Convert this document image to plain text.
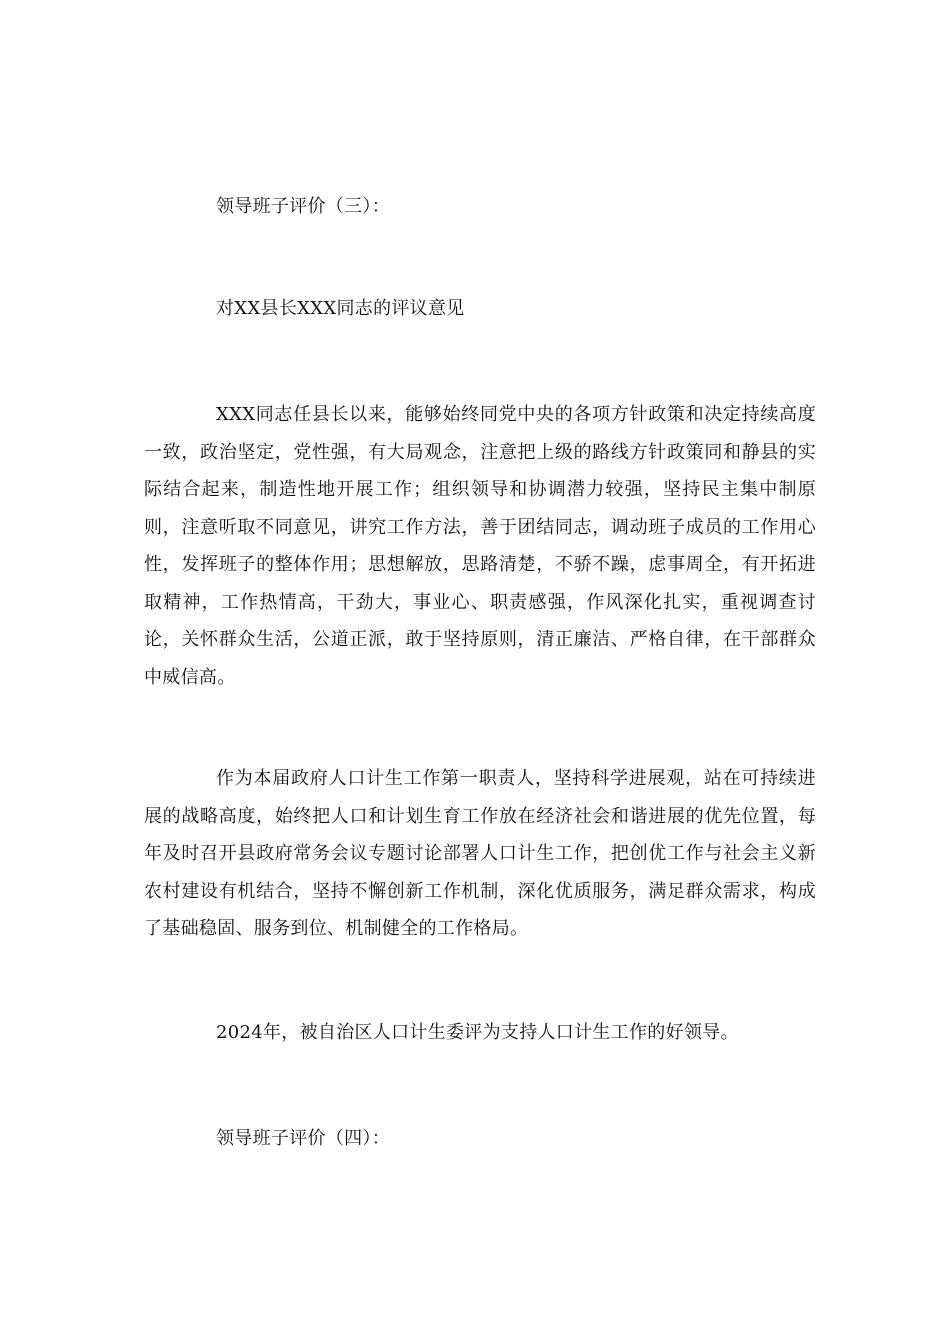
领导班子评价（三）：

对XX县长XXX同志的评议意见

XXX同志任县长以来，能够始终同党中央的各项方针政策和决定持续高度一致，政治坚定，党性强，有大局观念，注意把上级的路线方针政策同和静县的实际结合起来，制造性地开展工作；组织领导和协调潜力较强，坚持民主集中制原则，注意听取不同意见，讲究工作方法，善于团结同志，调动班子成员的工作用心性，发挥班子的整体作用；思想解放，思路清楚，不骄不躁，虑事周全，有开拓进取精神，工作热情高，干劲大，事业心、职责感强，作风深化扎实，重视调查讨论，关怀群众生活，公道正派，敢于坚持原则，清正廉洁、严格自律，在干部群众中威信高。

作为本届政府人口计生工作第一职责人，坚持科学进展观，站在可持续进展的战略高度，始终把人口和计划生育工作放在经济社会和谐进展的优先位置，每年及时召开县政府常务会议专题讨论部署人口计生工作，把创优工作与社会主义新农村建设有机结合，坚持不懈创新工作机制，深化优质服务，满足群众需求，构成了基础稳固、服务到位、机制健全的工作格局。

2024年，被自治区人口计生委评为支持人口计生工作的好领导。

领导班子评价（四）：
